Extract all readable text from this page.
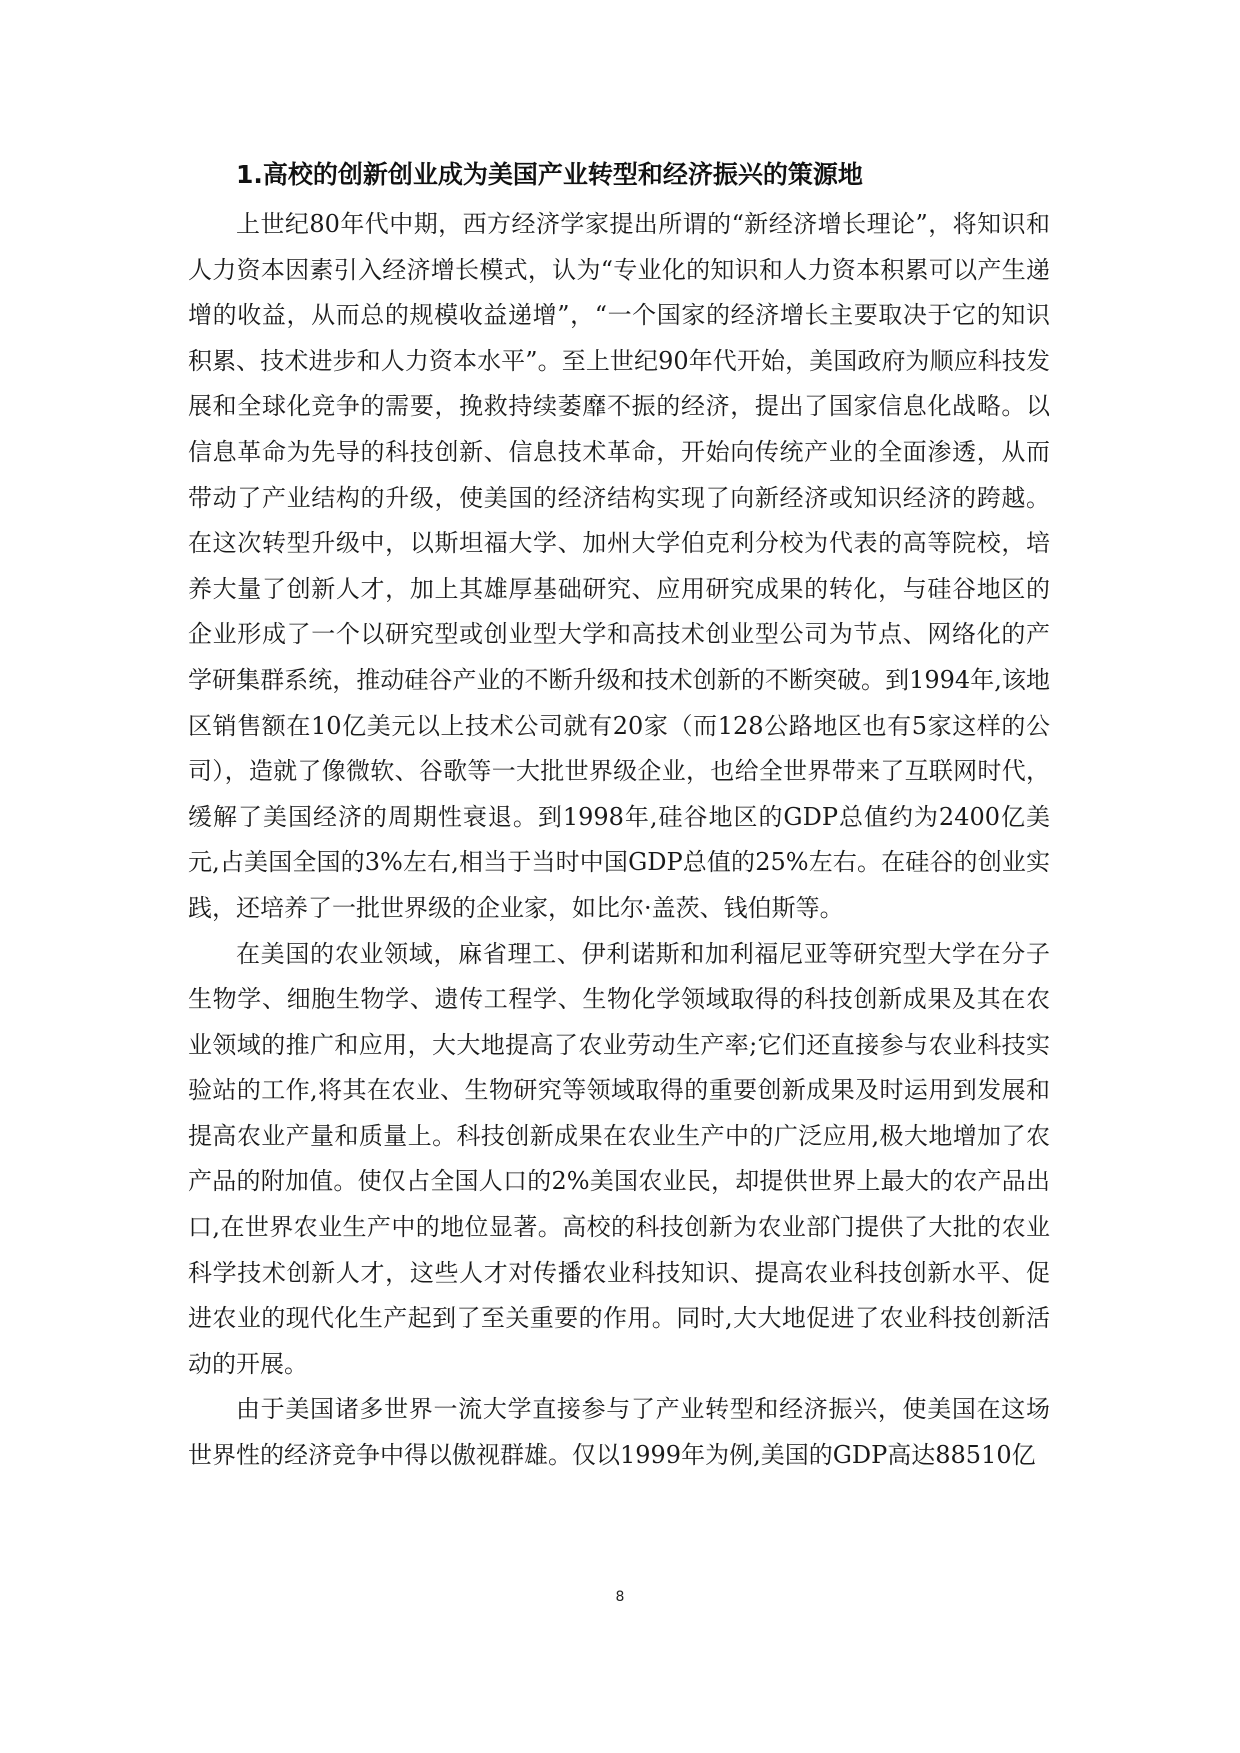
1.高校的创新创业成为美国产业转型和经济振兴的策源地

上世纪80年代中期，西方经济学家提出所谓的“新经济增长理论”，将知识和人力资本因素引入经济增长模式，认为“专业化的知识和人力资本积累可以产生递增的收益，从而总的规模收益递增”，“一个国家的经济增长主要取决于它的知识积累、技术进步和人力资本水平”。至上世纪90年代开始，美国政府为顺应科技发展和全球化竞争的需要，挽救持续萎靡不振的经济，提出了国家信息化战略。以信息革命为先导的科技创新、信息技术革命，开始向传统产业的全面渗透，从而带动了产业结构的升级，使美国的经济结构实现了向新经济或知识经济的跨越。在这次转型升级中，以斯坦福大学、加州大学伯克利分校为代表的高等院校，培养大量了创新人才，加上其雄厚基础研究、应用研究成果的转化，与硅谷地区的企业形成了一个以研究型或创业型大学和高技术创业型公司为节点、网络化的产学研集群系统，推动硅谷产业的不断升级和技术创新的不断突破。到1994年,该地区销售额在10亿美元以上技术公司就有20家（而128公路地区也有5家这样的公司），造就了像微软、谷歌等一大批世界级企业，也给全世界带来了互联网时代，缓解了美国经济的周期性衰退。到1998年,硅谷地区的GDP总值约为2400亿美元,占美国全国的3%左右,相当于当时中国GDP总值的25%左右。在硅谷的创业实践，还培养了一批世界级的企业家，如比尔·盖茨、钱伯斯等。

在美国的农业领域，麻省理工、伊利诺斯和加利福尼亚等研究型大学在分子生物学、细胞生物学、遗传工程学、生物化学领域取得的科技创新成果及其在农业领域的推广和应用，大大地提高了农业劳动生产率;它们还直接参与农业科技实验站的工作,将其在农业、生物研究等领域取得的重要创新成果及时运用到发展和提高农业产量和质量上。科技创新成果在农业生产中的广泛应用,极大地增加了农产品的附加值。使仅占全国人口的2%美国农业民，却提供世界上最大的农产品出口,在世界农业生产中的地位显著。高校的科技创新为农业部门提供了大批的农业科学技术创新人才，这些人才对传播农业科技知识、提高农业科技创新水平、促进农业的现代化生产起到了至关重要的作用。同时,大大地促进了农业科技创新活动的开展。

由于美国诸多世界一流大学直接参与了产业转型和经济振兴，使美国在这场世界性的经济竞争中得以傲视群雄。仅以1999年为例,美国的GDP高达88510亿

8
